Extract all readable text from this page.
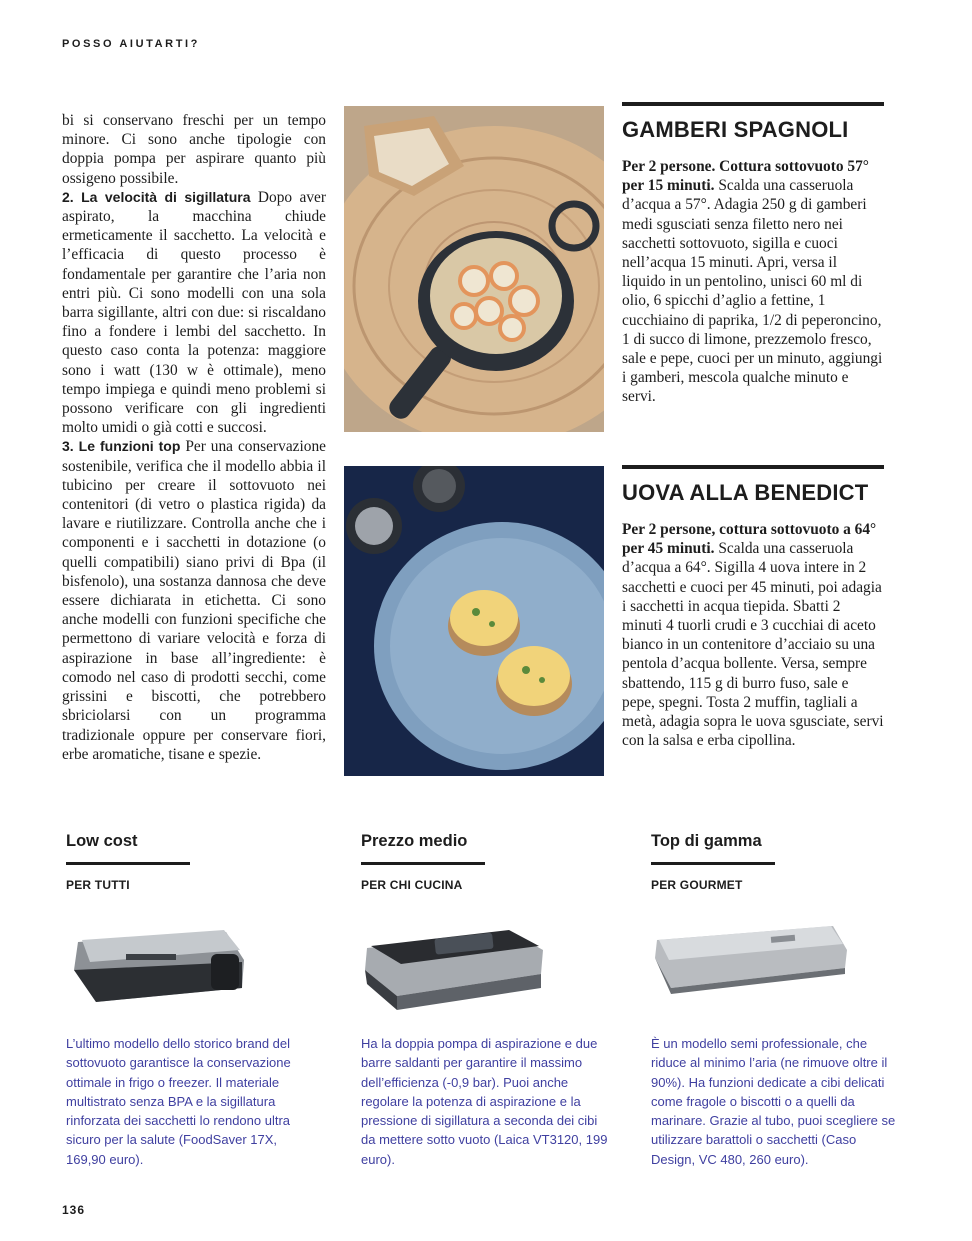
POSSO AIUTARTI?

bi si conservano freschi per un tempo minore. Ci sono anche tipologie con doppia pompa per aspirare quanto più ossigeno possibile.

2. La velocità di sigillatura Dopo aver aspirato, la macchina chiude ermeticamente il sacchetto. La velocità e l’efficacia di questo processo è fondamentale per garantire che l’aria non entri più. Ci sono modelli con una sola barra sigillante, altri con due: si riscaldano fino a fondere i lembi del sacchetto. In questo caso conta la potenza: maggiore sono i watt (130 w è ottimale), meno tempo impiega e quindi meno problemi si possono verificare con gli ingredienti molto umidi o già cotti e succosi.

3. Le funzioni top Per una conservazione sostenibile, verifica che il modello abbia il tubicino per creare il sottovuoto nei contenitori (di vetro o plastica rigida) da lavare e riutilizzare. Controlla anche che i componenti e i sacchetti in dotazione (o quelli compatibili) siano privi di Bpa (il bisfenolo), una sostanza dannosa che deve essere dichiarata in etichetta. Ci sono anche modelli con funzioni specifiche che permettono di variare velocità e forza di aspirazione in base all’ingrediente: è comodo nel caso di prodotti secchi, come grissini e biscotti, che potrebbero sbriciolarsi con un programma tradizionale oppure per conservare fiori, erbe aromatiche, tisane e spezie.

GAMBERI SPAGNOLI

Per 2 persone. Cottura sottovuoto 57° per 15 minuti. Scalda una casseruola d’acqua a 57°. Adagia 250 g di gamberi medi sgusciati senza filetto nero nei sacchetti sottovuoto, sigilla e cuoci nell’acqua 15 minuti. Apri, versa il liquido in un pentolino, unisci 60 ml di olio, 6 spicchi d’aglio a fettine, 1 cucchiaino di paprika, 1/2 di peperoncino, 1 di succo di limone, prezzemolo fresco, sale e pepe, cuoci per un minuto, aggiungi i gamberi, mescola qualche minuto e servi.

UOVA ALLA BENEDICT

Per 2 persone, cottura sottovuoto a 64° per 45 minuti. Scalda una casseruola d’acqua a 64°. Sigilla 4 uova intere in 2 sacchetti e cuoci per 45 minuti, poi adagia i sacchetti in acqua tiepida. Sbatti 2 minuti 4 tuorli crudi e 3 cucchiai di aceto bianco in un contenitore d’acciaio su una pentola d’acqua bollente. Versa, sempre sbattendo, 115 g di burro fuso, sale e pepe, spegni. Tosta 2 muffin, tagliali a metà, adagia sopra le uova sgusciate, servi con la salsa e erba cipollina.

Low cost
PER TUTTI
L’ultimo modello dello storico brand del sottovuoto garantisce la conservazione ottimale in frigo o freezer. Il materiale multistrato senza BPA e la sigillatura rinforzata dei sacchetti lo rendono ultra sicuro per la salute (FoodSaver 17X, 169,90 euro).
Prezzo medio
PER CHI CUCINA
Ha la doppia pompa di aspirazione e due barre saldanti per garantire il massimo dell’efficienza (-0,9 bar). Puoi anche regolare la potenza di aspirazione e la pressione di sigillatura a seconda dei cibi da mettere sotto vuoto (Laica VT3120, 199 euro).
Top di gamma
PER GOURMET
È un modello semi professionale, che riduce al minimo l’aria (ne rimuove oltre il 90%). Ha funzioni dedicate a cibi delicati come fragole o biscotti o a quelli da marinare. Grazie al tubo, puoi scegliere se utilizzare barattoli o sacchetti (Caso Design, VC 480, 260 euro).
136
